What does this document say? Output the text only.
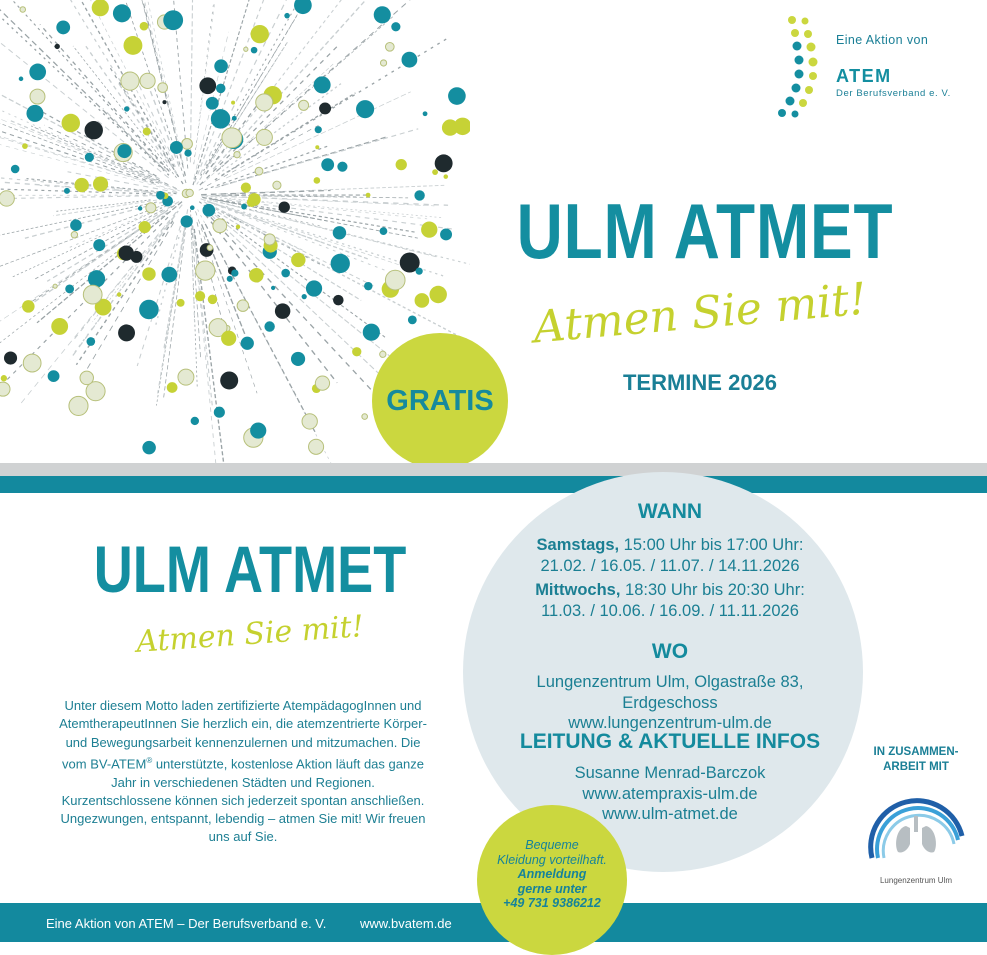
Eine Aktion von
ATEM
Der Berufsverband e. V.
ULM ATMET
Atmen Sie mit!
TERMINE 2026
GRATIS
ULM ATMET
Atmen Sie mit!
Unter diesem Motto laden zertifizierte AtempädagogInnen und AtemtherapeutInnen Sie herzlich ein, die atemzentrierte Körper- und Bewegungsarbeit kennenzulernen und mitzumachen. Die vom BV-ATEM® unterstützte, kostenlose Aktion läuft das ganze Jahr in verschiedenen Städten und Regionen. Kurzentschlossene können sich jederzeit spontan anschließen. Ungezwungen, entspannt, lebendig – atmen Sie mit! Wir freuen uns auf Sie.
WANN
Samstags, 15:00 Uhr bis 17:00 Uhr:
21.02. / 16.05. / 11.07. / 14.11.2026
Mittwochs, 18:30 Uhr bis 20:30 Uhr:
11.03. / 10.06. / 16.09. / 11.11.2026
WO
Lungenzentrum Ulm, Olgastraße 83, Erdgeschoss
www.lungenzentrum-ulm.de
LEITUNG & AKTUELLE INFOS
Susanne Menrad-Barczok
www.atempraxis-ulm.de
www.ulm-atmet.de
IN ZUSAMMEN-
ARBEIT MIT
Lungenzentrum Ulm
Eine Aktion von ATEM – Der Berufsverband e. V.	www.bvatem.de
Bequeme
Kleidung vorteilhaft.
Anmeldung
gerne unter
+49 731 9386212
